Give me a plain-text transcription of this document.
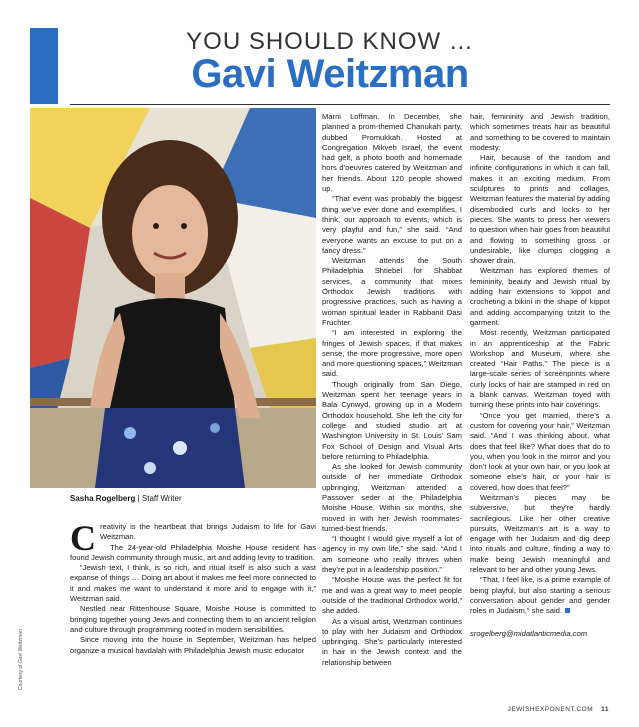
YOU SHOULD KNOW …
Gavi Weitzman
Courtesy of Gavi Weitzman
Sasha Rogelberg | Staff Writer

Creativity is the heartbeat that brings Judaism to life for Gavi Weitzman.

The 24-year-old Philadelphia Moishe House resident has found Jewish community through music, art and adding levity to tradition.

“Jewish text, I think, is so rich, and ritual itself is also such a vast expanse of things … Doing art about it makes me feel more connected to it and makes me want to understand it more and to engage with it,” Weitzman said.

Nestled near Rittenhouse Square, Moishe House is committed to bringing together young Jews and connecting them to an ancient religion and culture through programming rooted in modern sensibilities.

Since moving into the house in September, Weitzman has helped organize a musical havdalah with Philadelphia Jewish music educator

Marni Loffman. In December, she planned a prom-themed Chanukah party, dubbed Promukkah. Hosted at Congregation Mikveh Israel, the event had gelt, a photo booth and homemade hors d’oeuvres catered by Weitzman and her friends. About 120 people showed up.

“That event was probably the biggest thing we’ve ever done and exemplifies, I think, our approach to events, which is very playful and fun,” she said. “And everyone wants an excuse to put on a fancy dress.”

Weitzman attends the South Philadelphia Shtiebel for Shabbat services, a community that mixes Orthodox Jewish traditions with progressive practices, such as having a woman spiritual leader in Rabbanit Dasi Fruchter.

“I am interested in exploring the fringes of Jewish spaces, if that makes sense, the more progressive, more open and more questioning spaces,” Weitzman said.

Though originally from San Diego, Weitzman spent her teenage years in Bala Cynwyd, growing up in a Modern Orthodox household. She left the city for college and studied studio art at Washington University in St. Louis’ Sam Fox School of Design and Visual Arts before returning to Philadelphia.

As she looked for Jewish community outside of her immediate Orthodox upbringing, Weitzman attended a Passover seder at the Philadelphia Moishe House. Within six months, she moved in with her Jewish roommates-turned-best friends.

“I thought I would give myself a lot of agency in my own life,” she said. “And I am someone who really thrives when they’re put in a leadership position.”

“Moishe House was the perfect fit for me and was a great way to meet people outside of the traditional Orthodox world,” she added.

As a visual artist, Weitzman continues to play with her Judaism and Orthodox upbringing. She’s particularly interested in hair in the Jewish context and the relationship between

hair, femininity and Jewish tradition, which sometimes treats hair as beautiful and something to be covered to maintain modesty.

Hair, because of the random and infinite configurations in which it can fall, makes it an exciting medium. From sculptures to prints and collages, Weitzman features the material by adding disembodied curls and locks to her pieces. She wants to press her viewers to question when hair goes from beautiful and flowing to something gross or undesirable, like clumps clogging a shower drain.

Weitzman has explored themes of femininity, beauty and Jewish ritual by adding hair extensions to kippot and crocheting a bikini in the shape of kippot and adding accompanying tzitzit to the garment.

Most recently, Weitzman participated in an apprenticeship at the Fabric Workshop and Museum, where she created “Hair Paths.” The piece is a large-scale series of screenprints where curly locks of hair are stamped in red on a blank canvas. Weitzman toyed with turning these prints into hair coverings.

“Once you get married, there’s a custom for covering your hair,” Weitzman said. “And I was thinking about, what does that feel like? What does that do to you, when you look in the mirror and you don’t look at your own hair, or you look at someone else’s hair, or your hair is covered, how does that feel?”

Weitzman’s pieces may be subversive, but they’re hardly sacrilegious. Like her other creative pursuits, Weitzman’s art is a way to engage with her Judaism and dig deep into rituals and culture, finding a way to make being Jewish meaningful and relevant to her and other young Jews.

“That, I feel like, is a prime example of being playful, but also starting a serious conversation about gender and gender roles in Judaism,” she said.

srogelberg@midatlanticmedia.com

JEWISHEXPONENT.COM 11
